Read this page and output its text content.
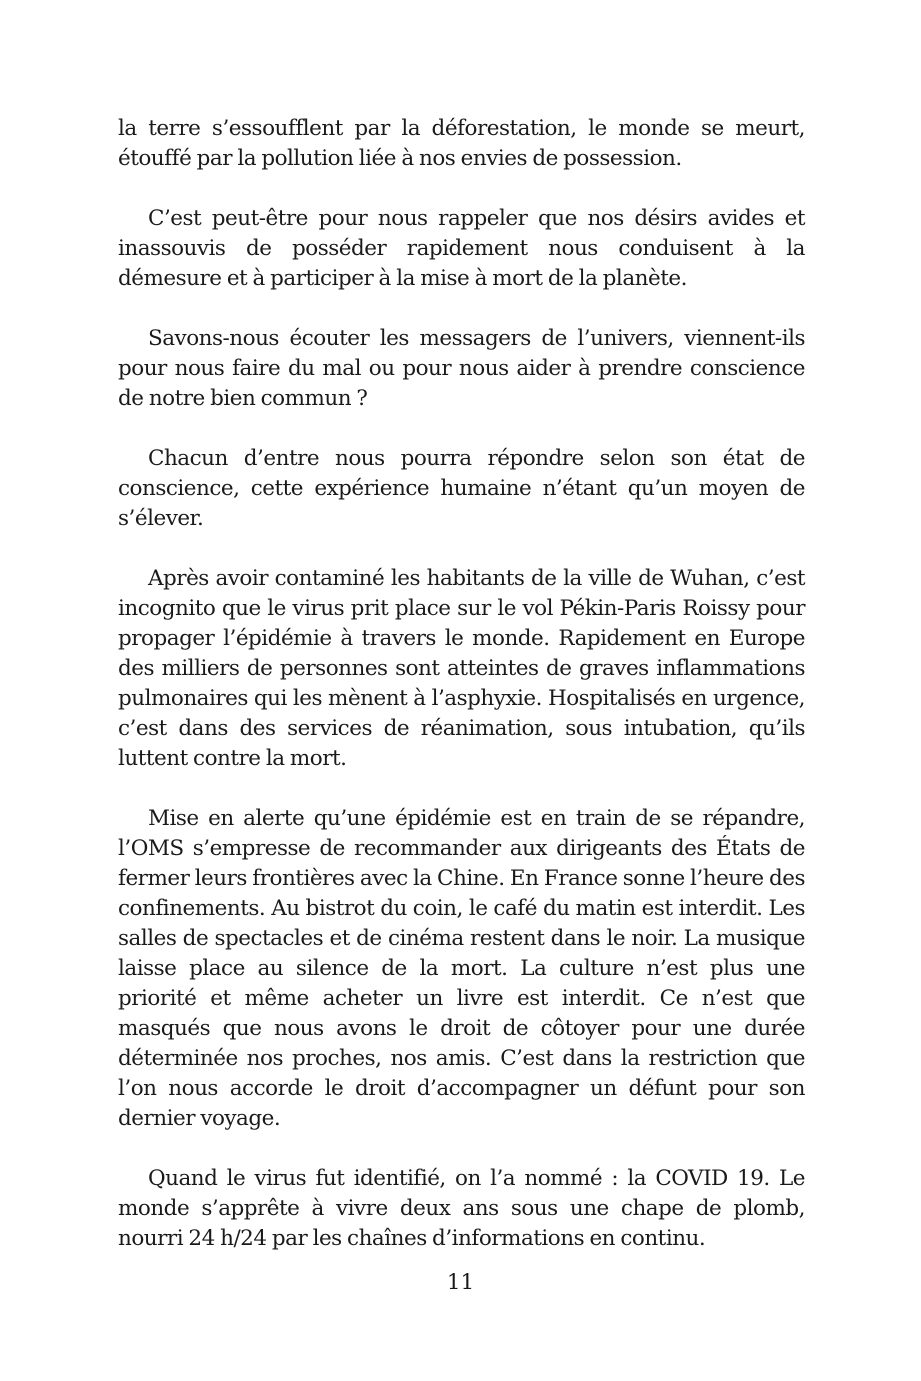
la terre s’essoufflent par la déforestation, le monde se meurt, étouffé par la pollution liée à nos envies de possession.

C’est peut-être pour nous rappeler que nos désirs avides et inassouvis de posséder rapidement nous conduisent à la démesure et à participer à la mise à mort de la planète.

Savons-nous écouter les messagers de l’univers, viennent-ils pour nous faire du mal ou pour nous aider à prendre conscience de notre bien commun ?

Chacun d’entre nous pourra répondre selon son état de conscience, cette expérience humaine n’étant qu’un moyen de s’élever.

Après avoir contaminé les habitants de la ville de Wuhan, c’est incognito que le virus prit place sur le vol Pékin-Paris Roissy pour propager l’épidémie à travers le monde. Rapidement en Europe des milliers de personnes sont atteintes de graves inflammations pulmonaires qui les mènent à l’asphyxie. Hospitalisés en urgence, c’est dans des services de réanimation, sous intubation, qu’ils luttent contre la mort.

Mise en alerte qu’une épidémie est en train de se répandre, l’OMS s’empresse de recommander aux dirigeants des États de fermer leurs frontières avec la Chine. En France sonne l’heure des confinements. Au bistrot du coin, le café du matin est interdit. Les salles de spectacles et de cinéma restent dans le noir. La musique laisse place au silence de la mort. La culture n’est plus une priorité et même acheter un livre est interdit. Ce n’est que masqués que nous avons le droit de côtoyer pour une durée déterminée nos proches, nos amis. C’est dans la restriction que l’on nous accorde le droit d’accompagner un défunt pour son dernier voyage.

Quand le virus fut identifié, on l’a nommé : la COVID 19. Le monde s’apprête à vivre deux ans sous une chape de plomb, nourri 24 h/24 par les chaînes d’informations en continu.

11
